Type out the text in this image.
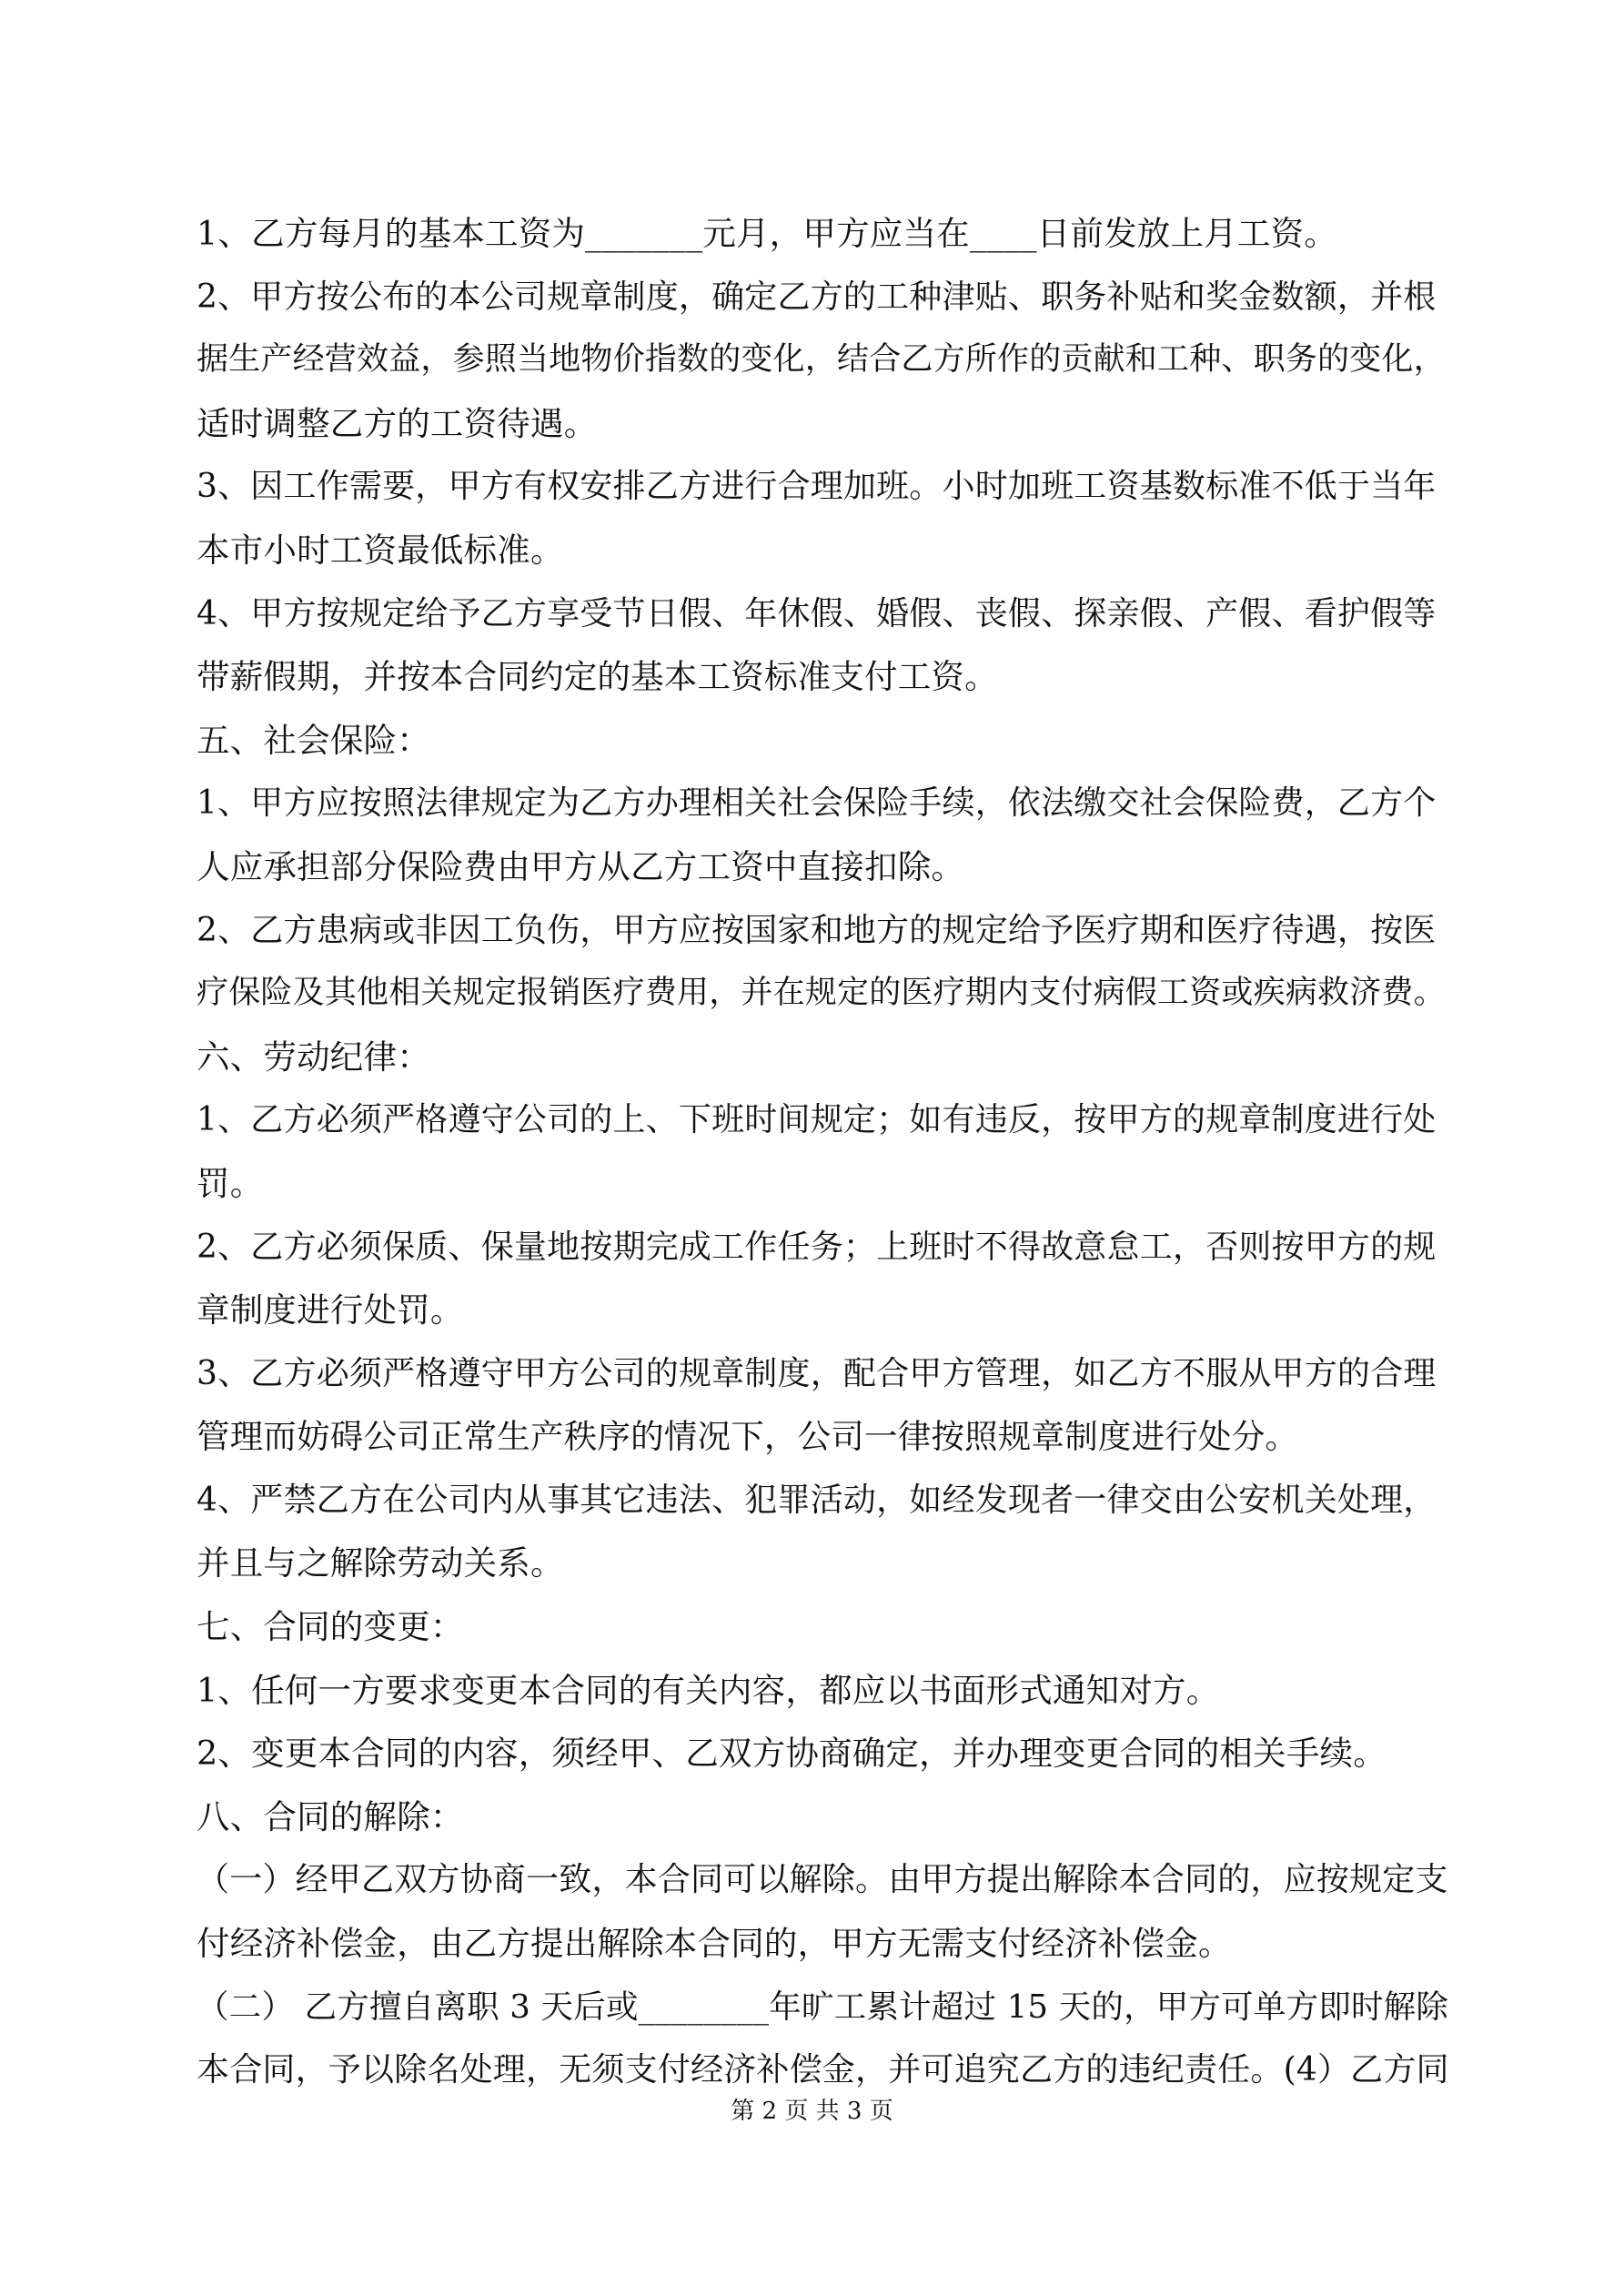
1、乙方每月的基本工资为_______元月，甲方应当在____日前发放上月工资。
2、甲方按公布的本公司规章制度，确定乙方的工种津贴、职务补贴和奖金数额，并根
据生产经营效益，参照当地物价指数的变化，结合乙方所作的贡献和工种、职务的变化，
适时调整乙方的工资待遇。
3、因工作需要，甲方有权安排乙方进行合理加班。小时加班工资基数标准不低于当年
本市小时工资最低标准。
4、甲方按规定给予乙方享受节日假、年休假、婚假、丧假、探亲假、产假、看护假等
带薪假期，并按本合同约定的基本工资标准支付工资。
五、社会保险：
1、甲方应按照法律规定为乙方办理相关社会保险手续，依法缴交社会保险费，乙方个
人应承担部分保险费由甲方从乙方工资中直接扣除。
2、乙方患病或非因工负伤，甲方应按国家和地方的规定给予医疗期和医疗待遇，按医
疗保险及其他相关规定报销医疗费用，并在规定的医疗期内支付病假工资或疾病救济费。
六、劳动纪律：
1、乙方必须严格遵守公司的上、下班时间规定；如有违反，按甲方的规章制度进行处
罚。
2、乙方必须保质、保量地按期完成工作任务；上班时不得故意怠工，否则按甲方的规
章制度进行处罚。
3、乙方必须严格遵守甲方公司的规章制度，配合甲方管理，如乙方不服从甲方的合理
管理而妨碍公司正常生产秩序的情况下，公司一律按照规章制度进行处分。
4、严禁乙方在公司内从事其它违法、犯罪活动，如经发现者一律交由公安机关处理，
并且与之解除劳动关系。
七、合同的变更：
1、任何一方要求变更本合同的有关内容，都应以书面形式通知对方。
2、变更本合同的内容，须经甲、乙双方协商确定，并办理变更合同的相关手续。
八、合同的解除：
（一）经甲乙双方协商一致，本合同可以解除。由甲方提出解除本合同的，应按规定支
付经济补偿金，由乙方提出解除本合同的，甲方无需支付经济补偿金。
（二） 乙方擅自离职 3 天后或________年旷工累计超过 15 天的，甲方可单方即时解除
本合同，予以除名处理，无须支付经济补偿金，并可追究乙方的违纪责任。(4）乙方同
第 2 页 共 3 页
